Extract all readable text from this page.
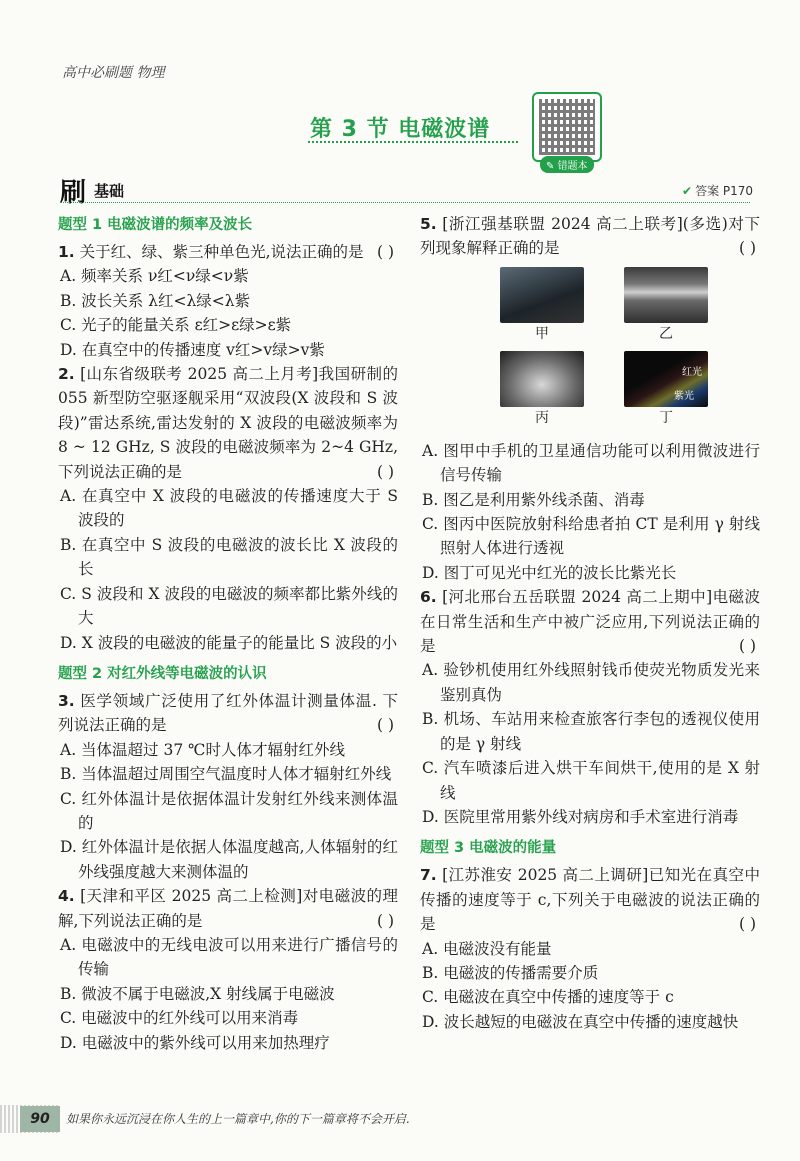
高中必刷题 物理
第 3 节 电磁波谱
✎ 错题本
刷 基础	✔ 答案 P170
题型 1 电磁波谱的频率及波长
1. 关于红、绿、紫三种单色光,说法正确的是 ( )
A. 频率关系 ν红<ν绿<ν紫
B. 波长关系 λ红<λ绿<λ紫
C. 光子的能量关系 ε红>ε绿>ε紫
D. 在真空中的传播速度 v红>v绿>v紫
2. [山东省级联考 2025 高二上月考]我国研制的 055 新型防空驱逐舰采用“双波段(X 波段和 S 波段)”雷达系统,雷达发射的 X 波段的电磁波频率为 8 ~ 12 GHz, S 波段的电磁波频率为 2~4 GHz,下列说法正确的是	( )
A. 在真空中 X 波段的电磁波的传播速度大于 S 波段的
B. 在真空中 S 波段的电磁波的波长比 X 波段的长
C. S 波段和 X 波段的电磁波的频率都比紫外线的大
D. X 波段的电磁波的能量子的能量比 S 波段的小
题型 2 对红外线等电磁波的认识
3. 医学领域广泛使用了红外体温计测量体温. 下列说法正确的是	( )
A. 当体温超过 37 ℃时人体才辐射红外线
B. 当体温超过周围空气温度时人体才辐射红外线
C. 红外体温计是依据体温计发射红外线来测体温的
D. 红外体温计是依据人体温度越高,人体辐射的红外线强度越大来测体温的
4. [天津和平区 2025 高二上检测]对电磁波的理解,下列说法正确的是	( )
A. 电磁波中的无线电波可以用来进行广播信号的传输
B. 微波不属于电磁波,X 射线属于电磁波
C. 电磁波中的红外线可以用来消毒
D. 电磁波中的紫外线可以用来加热理疗
5. [浙江强基联盟 2024 高二上联考](多选)对下列现象解释正确的是	( )
甲	乙
丙
红光
紫光
丁
A. 图甲中手机的卫星通信功能可以利用微波进行信号传输
B. 图乙是利用紫外线杀菌、消毒
C. 图丙中医院放射科给患者拍 CT 是利用 γ 射线照射人体进行透视
D. 图丁可见光中红光的波长比紫光长
6. [河北邢台五岳联盟 2024 高二上期中]电磁波在日常生活和生产中被广泛应用,下列说法正确的是	( )
A. 验钞机使用红外线照射钱币使荧光物质发光来鉴别真伪
B. 机场、车站用来检查旅客行李包的透视仪使用的是 γ 射线
C. 汽车喷漆后进入烘干车间烘干,使用的是 X 射线
D. 医院里常用紫外线对病房和手术室进行消毒
题型 3 电磁波的能量
7. [江苏淮安 2025 高二上调研]已知光在真空中传播的速度等于 c,下列关于电磁波的说法正确的是	( )
A. 电磁波没有能量
B. 电磁波的传播需要介质
C. 电磁波在真空中传播的速度等于 c
D. 波长越短的电磁波在真空中传播的速度越快
90	如果你永远沉浸在你人生的上一篇章中,你的下一篇章将不会开启.
